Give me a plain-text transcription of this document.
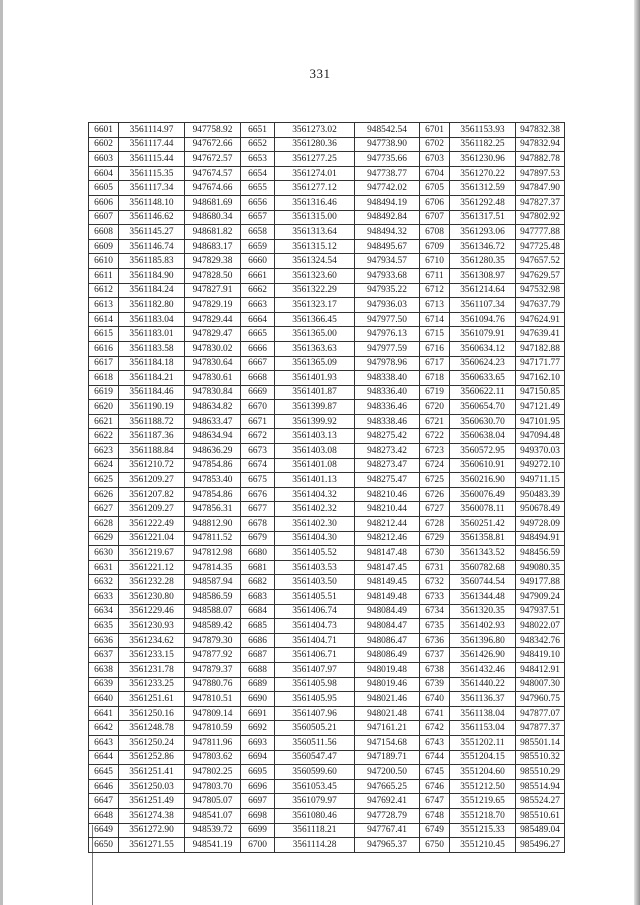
331
6601	3561114.97	947758.92	6651	3561273.02	948542.54	6701	3561153.93	947832.38
6602	3561117.44	947672.66	6652	3561280.36	947738.90	6702	3561182.25	947832.94
6603	3561115.44	947672.57	6653	3561277.25	947735.66	6703	3561230.96	947882.78
6604	3561115.35	947674.57	6654	3561274.01	947738.77	6704	3561270.22	947897.53
6605	3561117.34	947674.66	6655	3561277.12	947742.02	6705	3561312.59	947847.90
6606	3561148.10	948681.69	6656	3561316.46	948494.19	6706	3561292.48	947827.37
6607	3561146.62	948680.34	6657	3561315.00	948492.84	6707	3561317.51	947802.92
6608	3561145.27	948681.82	6658	3561313.64	948494.32	6708	3561293.06	947777.88
6609	3561146.74	948683.17	6659	3561315.12	948495.67	6709	3561346.72	947725.48
6610	3561185.83	947829.38	6660	3561324.54	947934.57	6710	3561280.35	947657.52
6611	3561184.90	947828.50	6661	3561323.60	947933.68	6711	3561308.97	947629.57
6612	3561184.24	947827.91	6662	3561322.29	947935.22	6712	3561214.64	947532.98
6613	3561182.80	947829.19	6663	3561323.17	947936.03	6713	3561107.34	947637.79
6614	3561183.04	947829.44	6664	3561366.45	947977.50	6714	3561094.76	947624.91
6615	3561183.01	947829.47	6665	3561365.00	947976.13	6715	3561079.91	947639.41
6616	3561183.58	947830.02	6666	3561363.63	947977.59	6716	3560634.12	947182.88
6617	3561184.18	947830.64	6667	3561365.09	947978.96	6717	3560624.23	947171.77
6618	3561184.21	947830.61	6668	3561401.93	948338.40	6718	3560633.65	947162.10
6619	3561184.46	947830.84	6669	3561401.87	948336.40	6719	3560622.11	947150.85
6620	3561190.19	948634.82	6670	3561399.87	948336.46	6720	3560654.70	947121.49
6621	3561188.72	948633.47	6671	3561399.92	948338.46	6721	3560630.70	947101.95
6622	3561187.36	948634.94	6672	3561403.13	948275.42	6722	3560638.04	947094.48
6623	3561188.84	948636.29	6673	3561403.08	948273.42	6723	3560572.95	949370.03
6624	3561210.72	947854.86	6674	3561401.08	948273.47	6724	3560610.91	949272.10
6625	3561209.27	947853.40	6675	3561401.13	948275.47	6725	3560216.90	949711.15
6626	3561207.82	947854.86	6676	3561404.32	948210.46	6726	3560076.49	950483.39
6627	3561209.27	947856.31	6677	3561402.32	948210.44	6727	3560078.11	950678.49
6628	3561222.49	948812.90	6678	3561402.30	948212.44	6728	3560251.42	949728.09
6629	3561221.04	947811.52	6679	3561404.30	948212.46	6729	3561358.81	948494.91
6630	3561219.67	947812.98	6680	3561405.52	948147.48	6730	3561343.52	948456.59
6631	3561221.12	947814.35	6681	3561403.53	948147.45	6731	3560782.68	949080.35
6632	3561232.28	948587.94	6682	3561403.50	948149.45	6732	3560744.54	949177.88
6633	3561230.80	948586.59	6683	3561405.51	948149.48	6733	3561344.48	947909.24
6634	3561229.46	948588.07	6684	3561406.74	948084.49	6734	3561320.35	947937.51
6635	3561230.93	948589.42	6685	3561404.73	948084.47	6735	3561402.93	948022.07
6636	3561234.62	947879.30	6686	3561404.71	948086.47	6736	3561396.80	948342.76
6637	3561233.15	947877.92	6687	3561406.71	948086.49	6737	3561426.90	948419.10
6638	3561231.78	947879.37	6688	3561407.97	948019.48	6738	3561432.46	948412.91
6639	3561233.25	947880.76	6689	3561405.98	948019.46	6739	3561440.22	948007.30
6640	3561251.61	947810.51	6690	3561405.95	948021.46	6740	3561136.37	947960.75
6641	3561250.16	947809.14	6691	3561407.96	948021.48	6741	3561138.04	947877.07
6642	3561248.78	947810.59	6692	3560505.21	947161.21	6742	3561153.04	947877.37
6643	3561250.24	947811.96	6693	3560511.56	947154.68	6743	3551202.11	985501.14
6644	3561252.86	947803.62	6694	3560547.47	947189.71	6744	3551204.15	985510.32
6645	3561251.41	947802.25	6695	3560599.60	947200.50	6745	3551204.60	985510.29
6646	3561250.03	947803.70	6696	3561053.45	947665.25	6746	3551212.50	985514.94
6647	3561251.49	947805.07	6697	3561079.97	947692.41	6747	3551219.65	985524.27
6648	3561274.38	948541.07	6698	3561080.46	947728.79	6748	3551218.70	985510.61
6649	3561272.90	948539.72	6699	3561118.21	947767.41	6749	3551215.33	985489.04
6650	3561271.55	948541.19	6700	3561114.28	947965.37	6750	3551210.45	985496.27
